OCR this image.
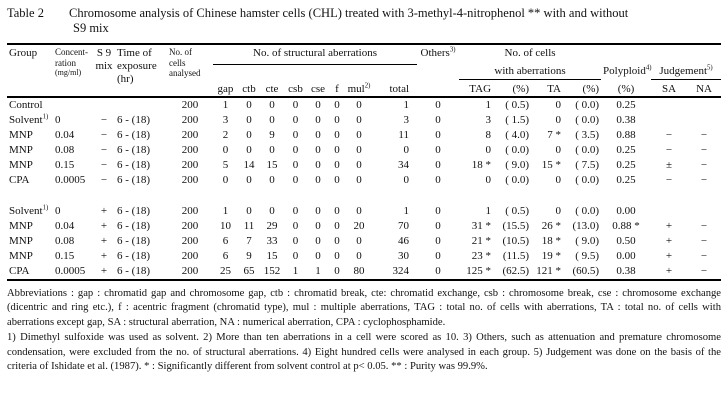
Table 2	Chromosome analysis of Chinese hamster cells (CHL) treated with 3-methyl-4-nitrophenol ** with and without
S9 mix
Group	Concent-
ration
(mg/ml)

S 9
mix

Time of
exposure
(hr)

No. of
cells
analysed
	No. of structural aberrations	Others$^{3)}$	No. of cells		
														with aberrations				Polyploid$^{4)}$	Judgement$^{5)}$
					gap	ctb	cte	csb	cse	f	mul$^{2)}$	total		TAG	(%)	TA	(%)	(%)	SA	NA
Control				200	1	0	0	0	0	0	0	1	0	1	( 0.5)	0	( 0.0)	0.25		
Solvent$^{1)}$	0	−	6 - (18)	200	3	0	0	0	0	0	0	3	0	3	( 1.5)	0	( 0.0)	0.38		
MNP	0.04	−	6 - (18)	200	2	0	9	0	0	0	0	11	0	8	( 4.0)	7 *	( 3.5)	0.88	−	−
MNP	0.08	−	6 - (18)	200	0	0	0	0	0	0	0	0	0	0	( 0.0)	0	( 0.0)	0.25	−	−
MNP	0.15	−	6 - (18)	200	5	14	15	0	0	0	0	34	0	18 *	( 9.0)	15 *	( 7.5)	0.25	±	−
CPA	0.0005	−	6 - (18)	200	0	0	0	0	0	0	0	0	0	0	( 0.0)	0	( 0.0)	0.25	−	−

Solvent$^{1)}$	0	+	6 - (18)	200	1	0	0	0	0	0	0	1	0	1	( 0.5)	0	( 0.0)	0.00		
MNP	0.04	+	6 - (18)	200	10	11	29	0	0	0	20	70	0	31 *	(15.5)	26 *	(13.0)	0.88 *	+	−
MNP	0.08	+	6 - (18)	200	6	7	33	0	0	0	0	46	0	21 *	(10.5)	18 *	( 9.0)	0.50	+	−
MNP	0.15	+	6 - (18)	200	6	9	15	0	0	0	0	30	0	23 *	(11.5)	19 *	( 9.5)	0.00	+	−
CPA	0.0005	+	6 - (18)	200	25	65	152	1	1	0	80	324	0	125 *	(62.5)	121 *	(60.5)	0.38	+	−

Abbreviations : gap : chromatid gap and chromosome gap, ctb : chromatid break, cte: chromatid exchange, csb : chromosome break, cse : chromosome exchange (dicentric and ring etc.), f : acentric fragment (chromatid type), mul : multiple aberrations, TAG : total no. of cells with aberrations, TA : total no. of cells with aberrations except gap, SA : structural aberration, NA : numerical aberration, CPA : cyclophosphamide.

1) Dimethyl sulfoxide was used as solvent. 2) More than ten aberrations in a cell were scored as 10. 3) Others, such as attenuation and premature chromosome condensation, were excluded from the no. of structural aberrations. 4) Eight hundred cells were analysed in each group. 5) Judgement was done on the basis of the criteria of Ishidate et al. (1987). * : Significantly different from solvent control at p< 0.05. ** : Purity was 99.9%.
